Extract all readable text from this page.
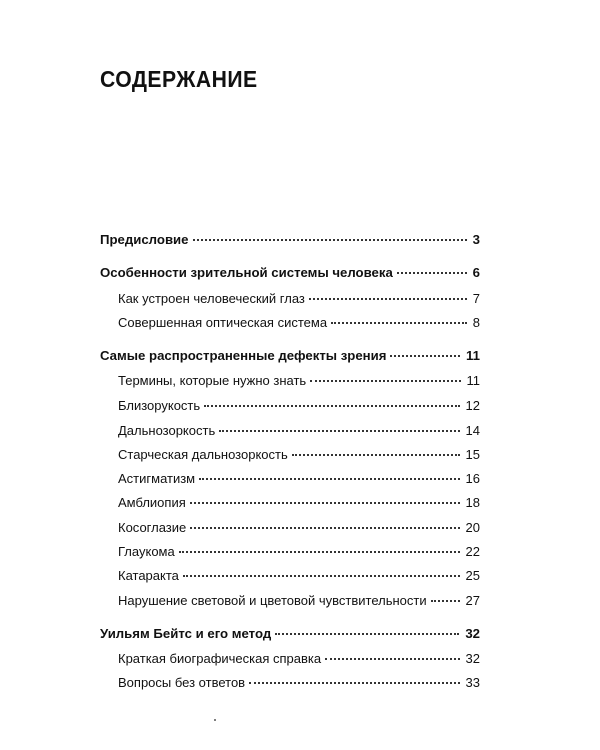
СОДЕРЖАНИЕ
Предисловие	3
Особенности зрительной системы человека	6
Как устроен человеческий глаз	7
Совершенная оптическая система	8
Самые распространенные дефекты зрения	11
Термины, которые нужно знать	11
Близорукость	12
Дальнозоркость	14
Старческая дальнозоркость	15
Астигматизм	16
Амблиопия	18
Косоглазие	20
Глаукома	22
Катаракта	25
Нарушение световой и цветовой чувствительности	27
Уильям Бейтс и его метод	32
Краткая биографическая справка	32
Вопросы без ответов	33
